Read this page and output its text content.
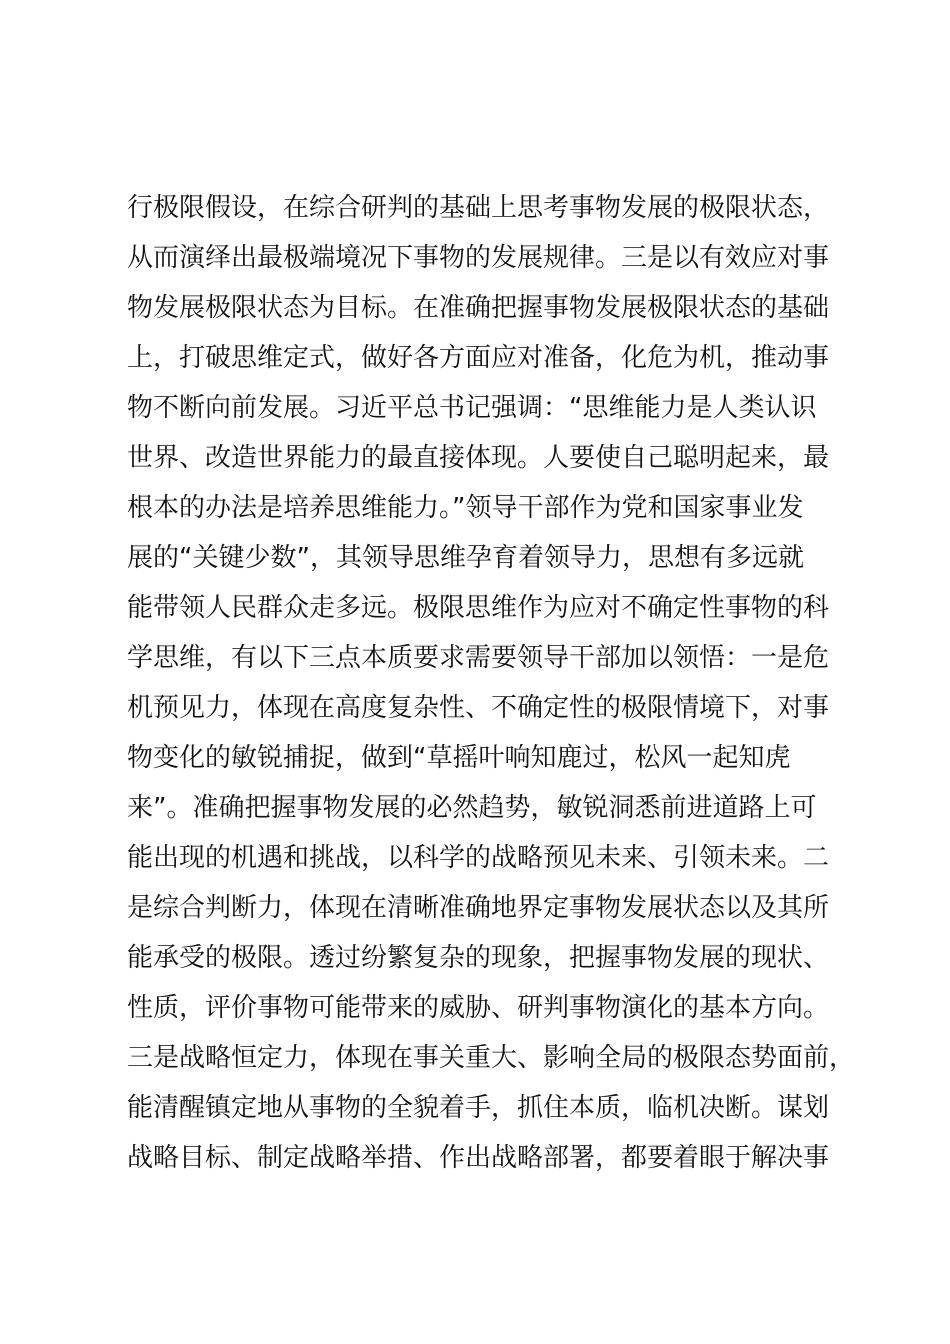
行极限假设，在综合研判的基础上思考事物发展的极限状态，
从而演绎出最极端境况下事物的发展规律。三是以有效应对事
物发展极限状态为目标。在准确把握事物发展极限状态的基础
上，打破思维定式，做好各方面应对准备，化危为机，推动事
物不断向前发展。习近平总书记强调：“思维能力是人类认识
世界、改造世界能力的最直接体现。人要使自己聪明起来，最
根本的办法是培养思维能力。”领导干部作为党和国家事业发
展的“关键少数”，其领导思维孕育着领导力，思想有多远就
能带领人民群众走多远。极限思维作为应对不确定性事物的科
学思维，有以下三点本质要求需要领导干部加以领悟：一是危
机预见力，体现在高度复杂性、不确定性的极限情境下，对事
物变化的敏锐捕捉，做到“草摇叶响知鹿过，松风一起知虎
来”。准确把握事物发展的必然趋势，敏锐洞悉前进道路上可
能出现的机遇和挑战，以科学的战略预见未来、引领未来。二
是综合判断力，体现在清晰准确地界定事物发展状态以及其所
能承受的极限。透过纷繁复杂的现象，把握事物发展的现状、
性质，评价事物可能带来的威胁、研判事物演化的基本方向。
三是战略恒定力，体现在事关重大、影响全局的极限态势面前，
能清醒镇定地从事物的全貌着手，抓住本质，临机决断。谋划
战略目标、制定战略举措、作出战略部署，都要着眼于解决事
